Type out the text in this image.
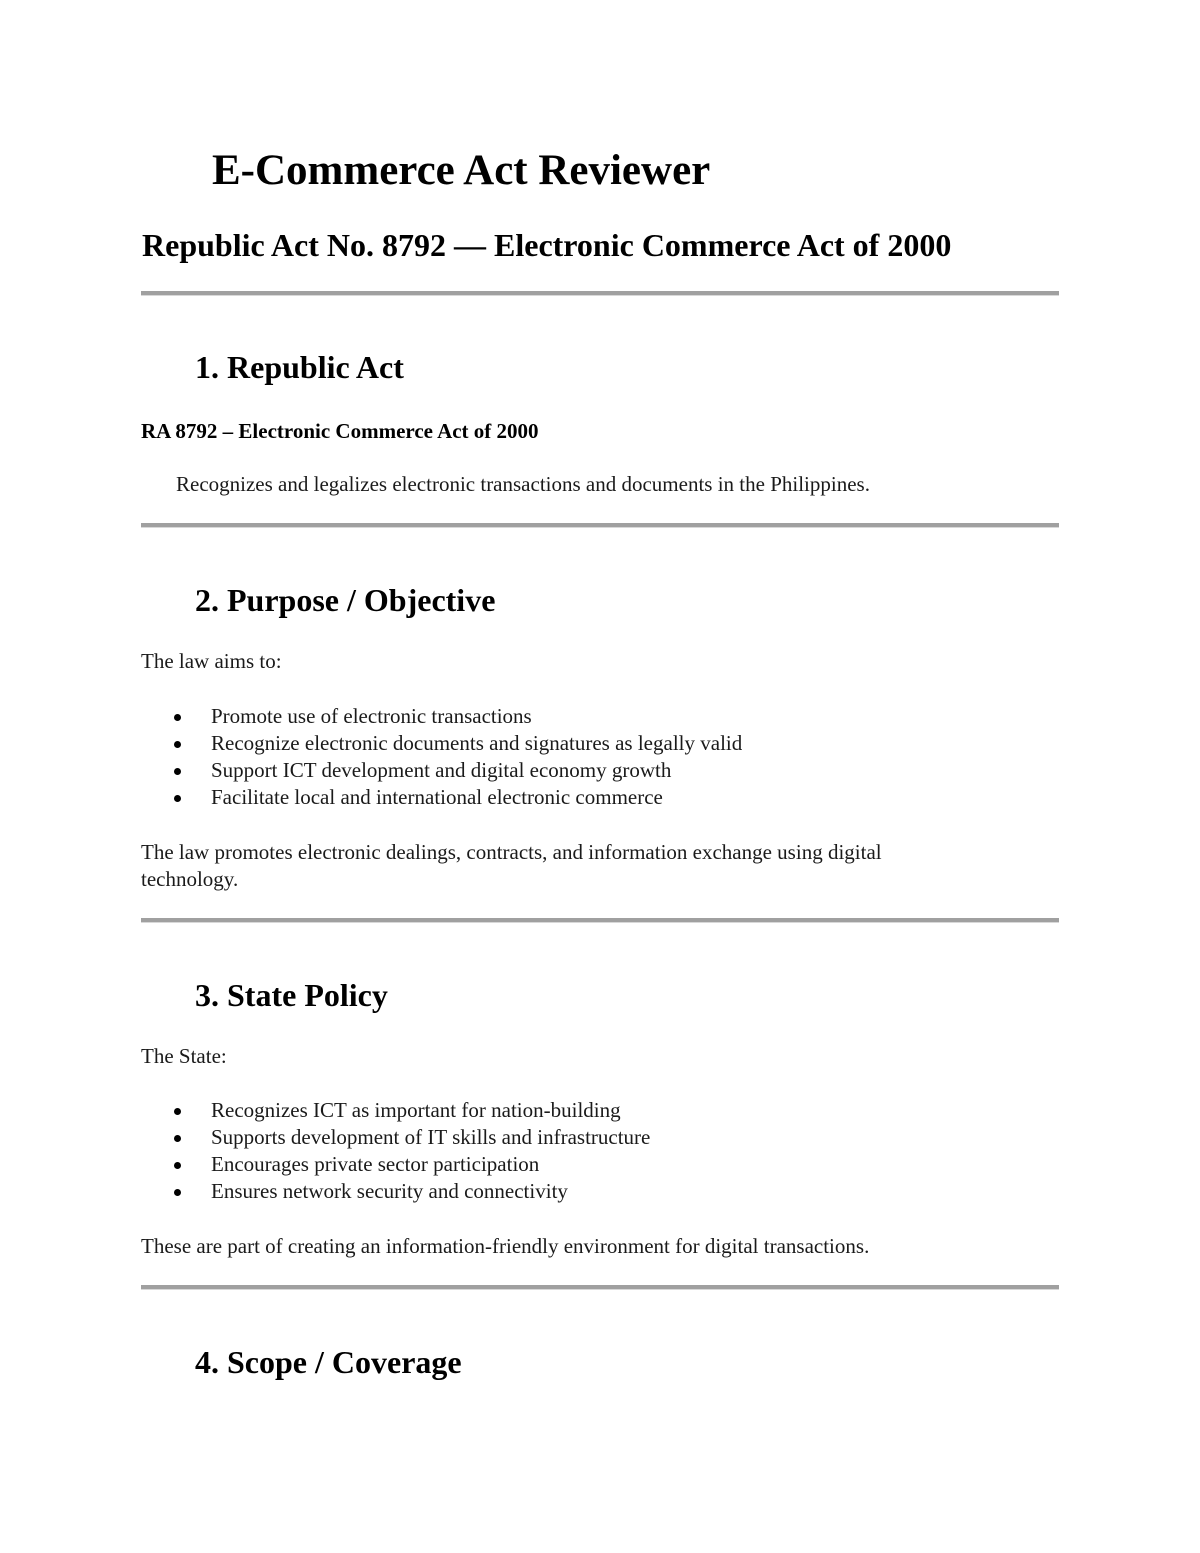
E-Commerce Act Reviewer
Republic Act No. 8792 — Electronic Commerce Act of 2000
1. Republic Act

RA 8792 – Electronic Commerce Act of 2000

Recognizes and legalizes electronic transactions and documents in the Philippines.

2. Purpose / Objective

The law aims to:

Promote use of electronic transactions
Recognize electronic documents and signatures as legally valid
Support ICT development and digital economy growth
Facilitate local and international electronic commerce

The law promotes electronic dealings, contracts, and information exchange using digital

technology.

3. State Policy

The State:

Recognizes ICT as important for nation-building
Supports development of IT skills and infrastructure
Encourages private sector participation
Ensures network security and connectivity

These are part of creating an information-friendly environment for digital transactions.

4. Scope / Coverage
